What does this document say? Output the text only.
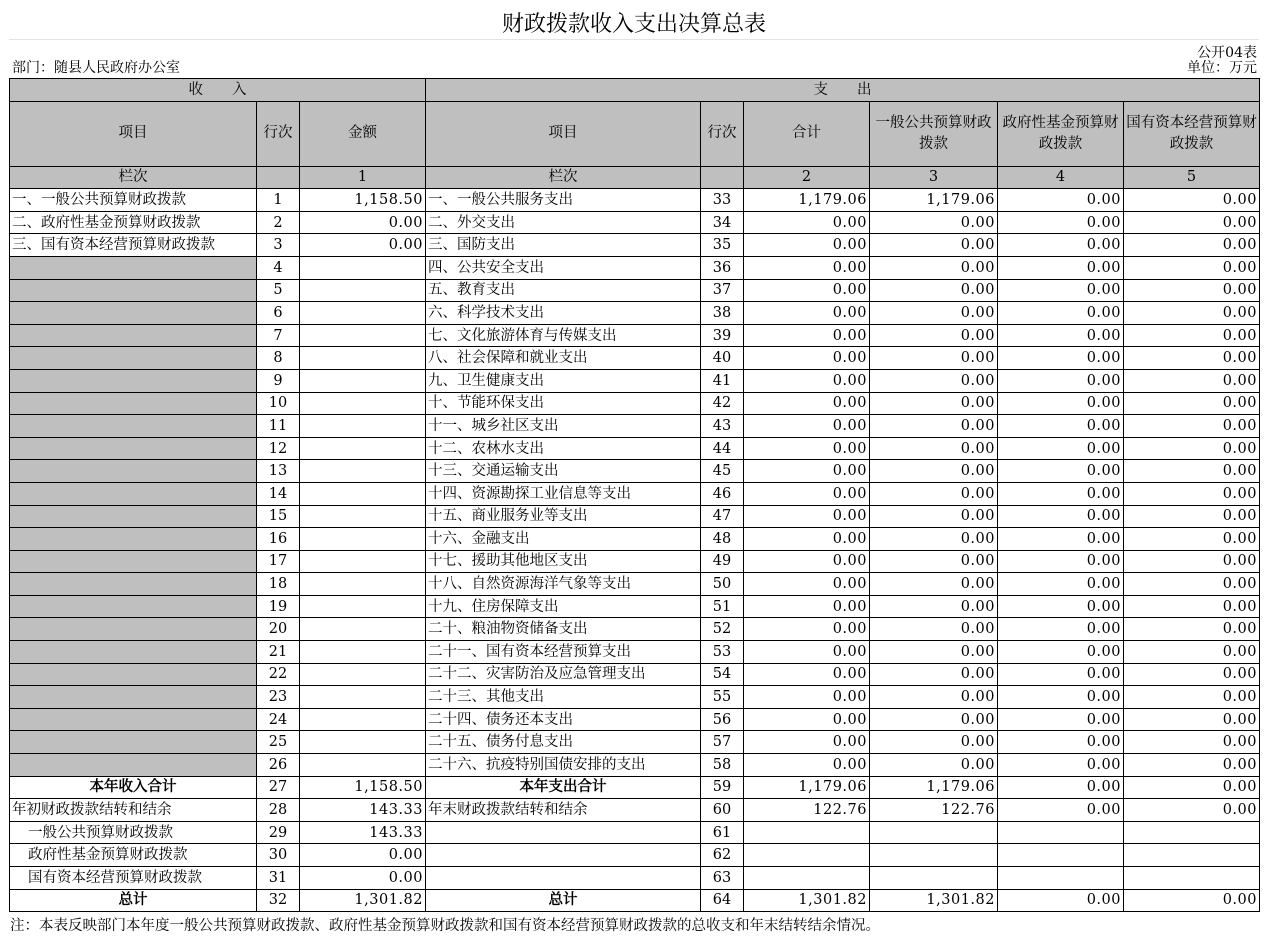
财政拨款收入支出决算总表
公开04表
部门：随县人民政府办公室	单位：万元
收　　入			支　　出					
项目	行次	金额	项目	行次	合计	一般公共预算财政拨款	政府性基金预算财政拨款	国有资本经营预算财政拨款
栏次		1	栏次		2	3	4	5
一、一般公共预算财政拨款	1	1,158.50	一、一般公共服务支出	33	1,179.06	1,179.06	0.00	0.00
二、政府性基金预算财政拨款	2	0.00	二、外交支出	34	0.00	0.00	0.00	0.00
三、国有资本经营预算财政拨款	3	0.00	三、国防支出	35	0.00	0.00	0.00	0.00
	4		四、公共安全支出	36	0.00	0.00	0.00	0.00
	5		五、教育支出	37	0.00	0.00	0.00	0.00
	6		六、科学技术支出	38	0.00	0.00	0.00	0.00
	7		七、文化旅游体育与传媒支出	39	0.00	0.00	0.00	0.00
	8		八、社会保障和就业支出	40	0.00	0.00	0.00	0.00
	9		九、卫生健康支出	41	0.00	0.00	0.00	0.00
	10		十、节能环保支出	42	0.00	0.00	0.00	0.00
	11		十一、城乡社区支出	43	0.00	0.00	0.00	0.00
	12		十二、农林水支出	44	0.00	0.00	0.00	0.00
	13		十三、交通运输支出	45	0.00	0.00	0.00	0.00
	14		十四、资源勘探工业信息等支出	46	0.00	0.00	0.00	0.00
	15		十五、商业服务业等支出	47	0.00	0.00	0.00	0.00
	16		十六、金融支出	48	0.00	0.00	0.00	0.00
	17		十七、援助其他地区支出	49	0.00	0.00	0.00	0.00
	18		十八、自然资源海洋气象等支出	50	0.00	0.00	0.00	0.00
	19		十九、住房保障支出	51	0.00	0.00	0.00	0.00
	20		二十、粮油物资储备支出	52	0.00	0.00	0.00	0.00
	21		二十一、国有资本经营预算支出	53	0.00	0.00	0.00	0.00
	22		二十二、灾害防治及应急管理支出	54	0.00	0.00	0.00	0.00
	23		二十三、其他支出	55	0.00	0.00	0.00	0.00
	24		二十四、债务还本支出	56	0.00	0.00	0.00	0.00
	25		二十五、债务付息支出	57	0.00	0.00	0.00	0.00
	26		二十六、抗疫特别国债安排的支出	58	0.00	0.00	0.00	0.00
本年收入合计	27	1,158.50	本年支出合计	59	1,179.06	1,179.06	0.00	0.00
年初财政拨款结转和结余	28	143.33	年末财政拨款结转和结余	60	122.76	122.76	0.00	0.00
一般公共预算财政拨款	29	143.33		61				
政府性基金预算财政拨款	30	0.00		62				
国有资本经营预算财政拨款	31	0.00		63				
总计	32	1,301.82	总计	64	1,301.82	1,301.82	0.00	0.00
注：本表反映部门本年度一般公共预算财政拨款、政府性基金预算财政拨款和国有资本经营预算财政拨款的总收支和年末结转结余情况。
